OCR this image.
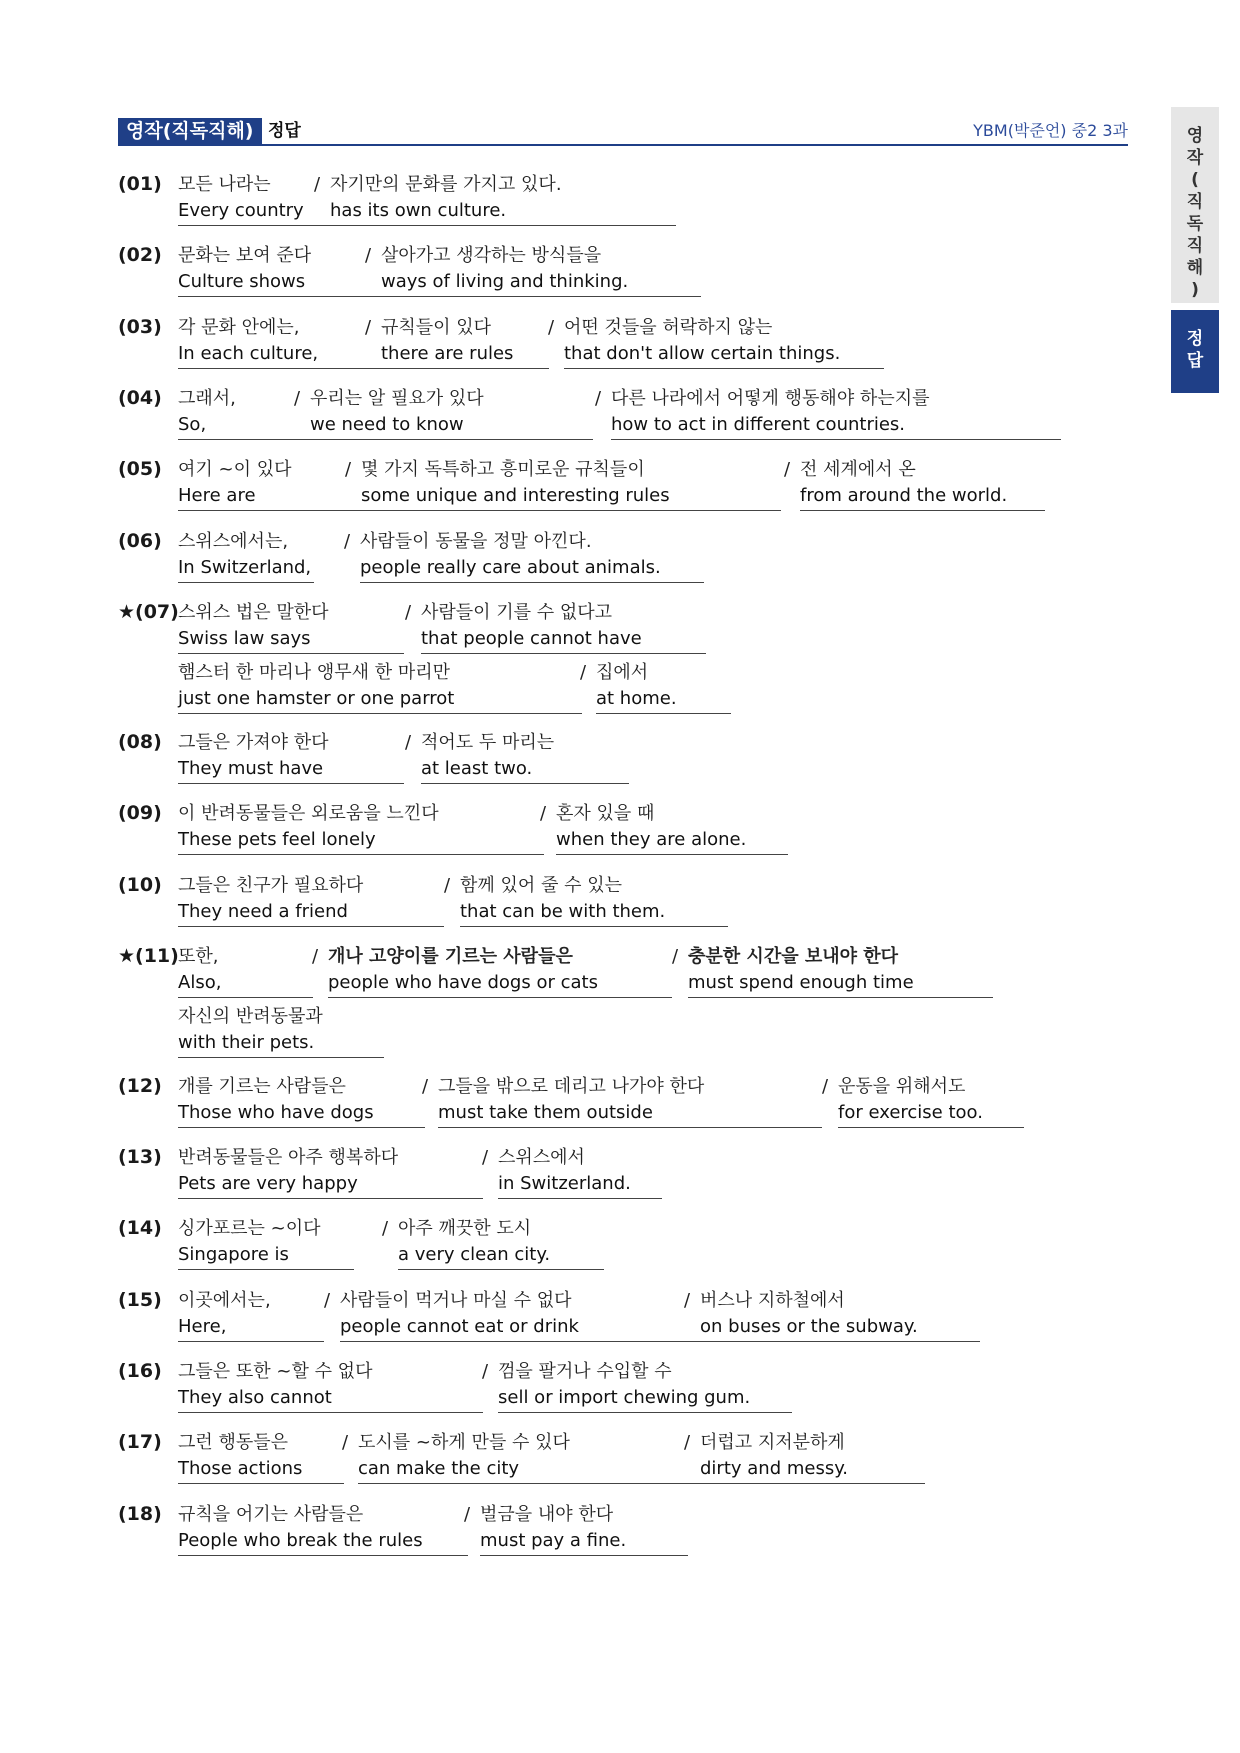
영작(직독직해) 정답	YBM(박준언) 중2 3과	영
작
(
직
독
직
해
)
정
답
(01) 모든 나라는
Every country
/ 자기만의 문화를 가지고 있다.
has its own culture.
(02) 문화는 보여 준다
Culture shows
/ 살아가고 생각하는 방식들을
ways of living and thinking.
(03) 각 문화 안에는,
In each culture,
/ 규칙들이 있다
there are rules
/ 어떤 것들을 허락하지 않는
that don't allow certain things.
(04) 그래서,
So,
/ 우리는 알 필요가 있다
we need to know
/ 다른 나라에서 어떻게 행동해야 하는지를
how to act in different countries.
(05) 여기 ~이 있다
Here are
/ 몇 가지 독특하고 흥미로운 규칙들이
some unique and interesting rules
/ 전 세계에서 온
from around the world.
(06) 스위스에서는,
In Switzerland,
/ 사람들이 동물을 정말 아낀다.
people really care about animals.
★(07) 스위스 법은 말한다
Swiss law says
/ 사람들이 기를 수 없다고
that people cannot have
햄스터 한 마리나 앵무새 한 마리만
just one hamster or one parrot
/ 집에서
at home.
(08) 그들은 가져야 한다
They must have
/ 적어도 두 마리는
at least two.
(09) 이 반려동물들은 외로움을 느낀다
These pets feel lonely
/ 혼자 있을 때
when they are alone.
(10) 그들은 친구가 필요하다
They need a friend
/ 함께 있어 줄 수 있는
that can be with them.
★(11) 또한,
Also,
/ 개나 고양이를 기르는 사람들은
people who have dogs or cats
/ 충분한 시간을 보내야 한다
must spend enough time
자신의 반려동물과
with their pets.
(12) 개를 기르는 사람들은
Those who have dogs
/ 그들을 밖으로 데리고 나가야 한다
must take them outside
/ 운동을 위해서도
for exercise too.
(13) 반려동물들은 아주 행복하다
Pets are very happy
/ 스위스에서
in Switzerland.
(14) 싱가포르는 ~이다
Singapore is
/ 아주 깨끗한 도시
a very clean city.
(15) 이곳에서는,
Here,
/ 사람들이 먹거나 마실 수 없다
people cannot eat or drink
/ 버스나 지하철에서
on buses or the subway.
(16) 그들은 또한 ~할 수 없다
They also cannot
/ 껌을 팔거나 수입할 수
sell or import chewing gum.
(17) 그런 행동들은
Those actions
/ 도시를 ~하게 만들 수 있다
can make the city
/ 더럽고 지저분하게
dirty and messy.
(18) 규칙을 어기는 사람들은
People who break the rules
/ 벌금을 내야 한다
must pay a fine.
